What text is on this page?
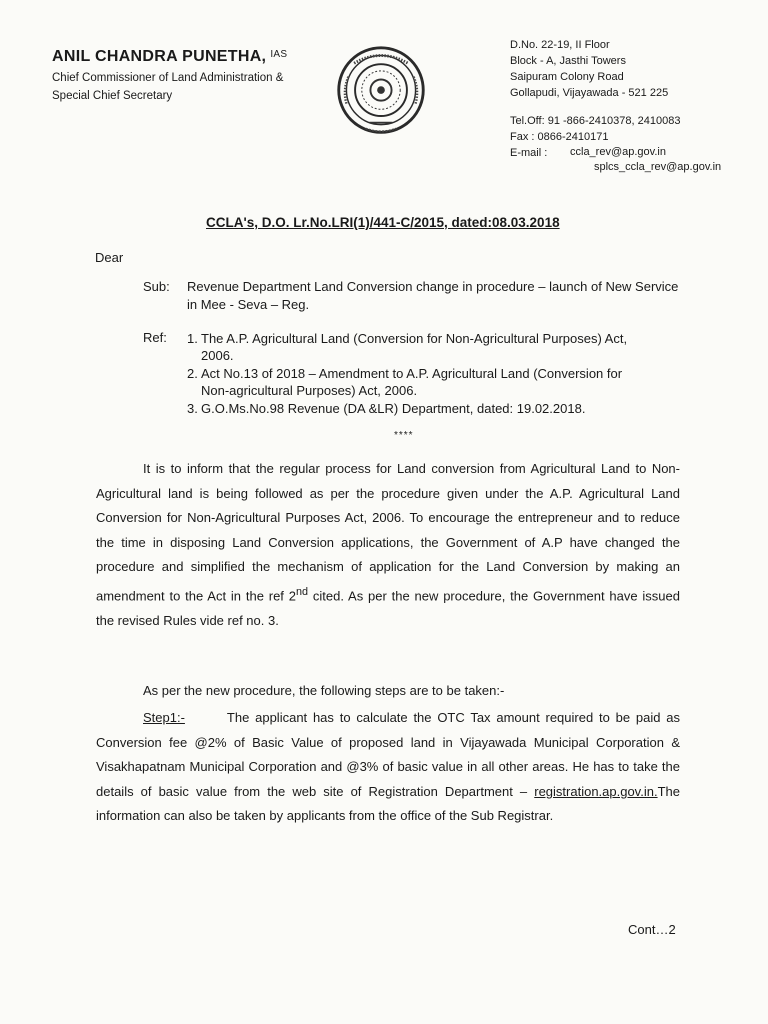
ANIL CHANDRA PUNETHA, $^{IAS}$
Chief Commissioner of Land Administration &
Special Chief Secretary
D.No. 22-19, II Floor
Block - A, Jasthi Towers
Saipuram Colony Road
Gollapudi, Vijayawada - 521 225
Tel.Off: 91 -866-2410378, 2410083
Fax : 0866-2410171
E-mail :	ccla_rev@ap.gov.in
splcs_ccla_rev@ap.gov.in
CCLA's, D.O. Lr.No.LRI(1)/441-C/2015, dated:08.03.2018
Dear
Sub:	Revenue Department Land Conversion change in procedure – launch of New Service in Mee - Seva – Reg.
Ref:	1. The A.P. Agricultural Land (Conversion for Non-Agricultural Purposes) Act, 2006.
2. Act No.13 of 2018 – Amendment to A.P. Agricultural Land (Conversion for Non-agricultural Purposes) Act, 2006.
3. G.O.Ms.No.98 Revenue (DA &LR) Department, dated: 19.02.2018.
****
It is to inform that the regular process for Land conversion from Agricultural Land to Non-Agricultural land is being followed as per the procedure given under the A.P. Agricultural Land Conversion for Non-Agricultural Purposes Act, 2006. To encourage the entrepreneur and to reduce the time in disposing Land Conversion applications, the Government of A.P have changed the procedure and simplified the mechanism of application for the Land Conversion by making an amendment to the Act in the ref 2nd cited. As per the new procedure, the Government have issued the revised Rules vide ref no. 3.
As per the new procedure, the following steps are to be taken:-
Step1:-	The applicant has to calculate the OTC Tax amount required to be paid as Conversion fee @2% of Basic Value of proposed land in Vijayawada Municipal Corporation & Visakhapatnam Municipal Corporation and @3% of basic value in all other areas. He has to take the details of basic value from the web site of Registration Department – registration.ap.gov.in.The information can also be taken by applicants from the office of the Sub Registrar.
Cont…2
